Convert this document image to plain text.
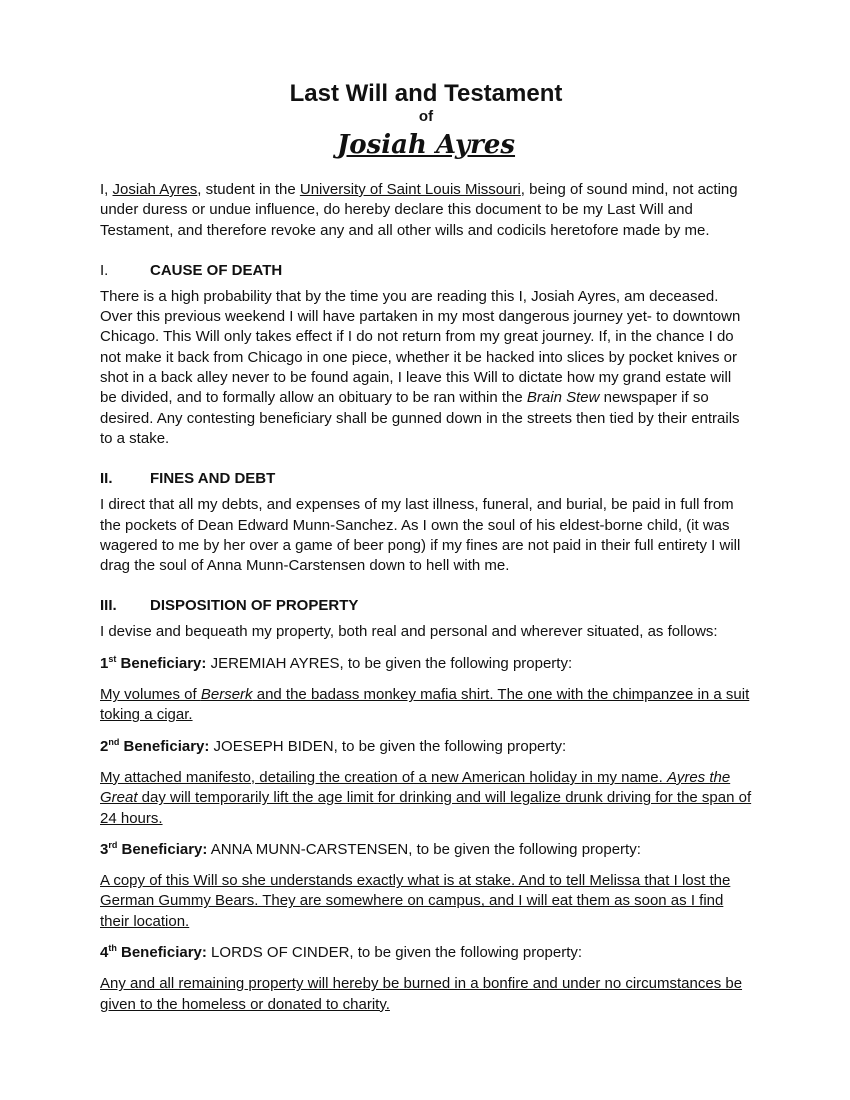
Last Will and Testament
of
Josiah Ayres

I, Josiah Ayres, student in the University of Saint Louis Missouri, being of sound mind, not acting under duress or undue influence, do hereby declare this document to be my Last Will and Testament, and therefore revoke any and all other wills and codicils heretofore made by me.

I.	CAUSE OF DEATH

There is a high probability that by the time you are reading this I, Josiah Ayres, am deceased. Over this previous weekend I will have partaken in my most dangerous journey yet- to downtown Chicago. This Will only takes effect if I do not return from my great journey. If, in the chance I do not make it back from Chicago in one piece, whether it be hacked into slices by pocket knives or shot in a back alley never to be found again, I leave this Will to dictate how my grand estate will be divided, and to formally allow an obituary to be ran within the Brain Stew newspaper if so desired. Any contesting beneficiary shall be gunned down in the streets then tied by their entrails to a stake.

II.	FINES AND DEBT

I direct that all my debts, and expenses of my last illness, funeral, and burial, be paid in full from the pockets of Dean Edward Munn-Sanchez. As I own the soul of his eldest-borne child, (it was wagered to me by her over a game of beer pong) if my fines are not paid in their full entirety I will drag the soul of Anna Munn-Carstensen down to hell with me.

III.	DISPOSITION OF PROPERTY

I devise and bequeath my property, both real and personal and wherever situated, as follows:

1st Beneficiary: JEREMIAH AYRES, to be given the following property:

My volumes of Berserk and the badass monkey mafia shirt. The one with the chimpanzee in a suit toking a cigar.

2nd Beneficiary: JOESEPH BIDEN, to be given the following property:

My attached manifesto, detailing the creation of a new American holiday in my name. Ayres the Great day will temporarily lift the age limit for drinking and will legalize drunk driving for the span of 24 hours.

3rd Beneficiary: ANNA MUNN-CARSTENSEN, to be given the following property:

A copy of this Will so she understands exactly what is at stake. And to tell Melissa that I lost the German Gummy Bears. They are somewhere on campus, and I will eat them as soon as I find their location.

4th Beneficiary: LORDS OF CINDER, to be given the following property:

Any and all remaining property will hereby be burned in a bonfire and under no circumstances be given to the homeless or donated to charity.
